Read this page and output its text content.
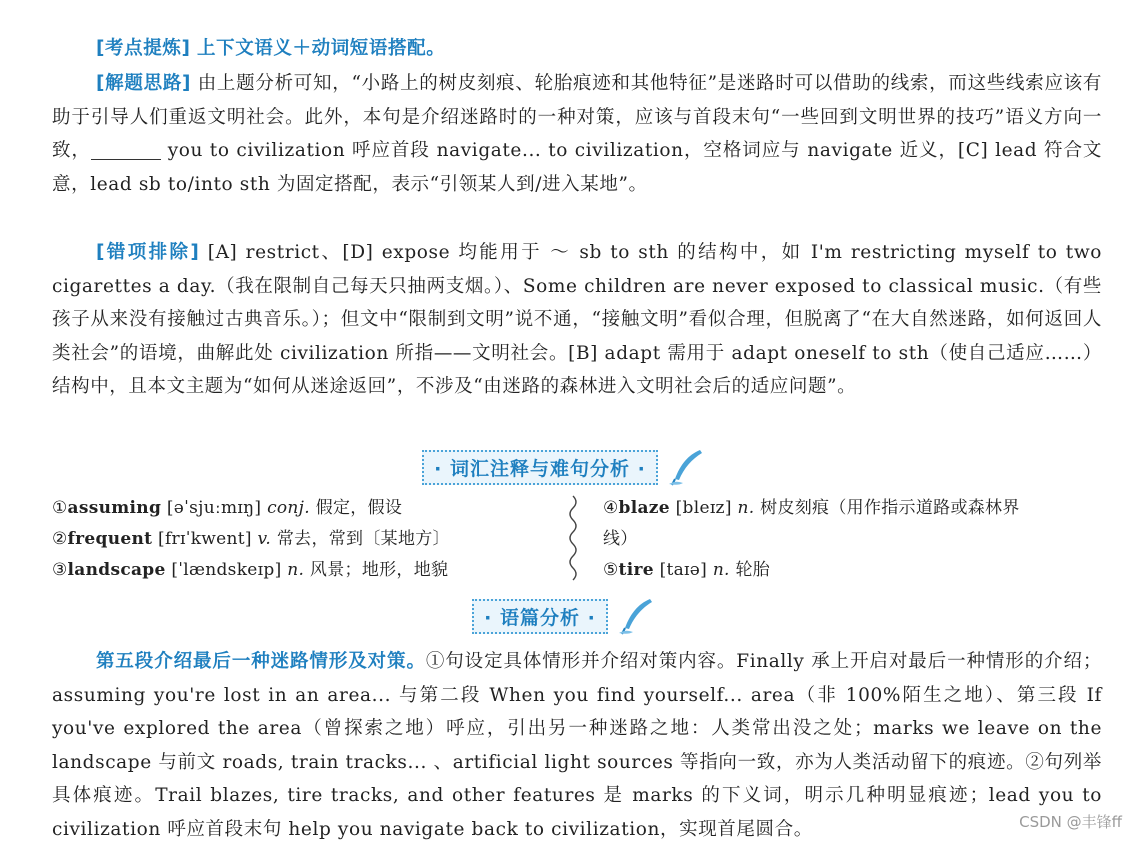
[考点提炼] 上下文语义＋动词短语搭配。
[解题思路] 由上题分析可知，“小路上的树皮刻痕、轮胎痕迹和其他特征”是迷路时可以借助的线索，而这些线索应该有助于引导人们重返文明社会。此外，本句是介绍迷路时的一种对策，应该与首段末句“一些回到文明世界的技巧”语义方向一致，	you to civilization 呼应首段 navigate... to civilization，空格词应与 navigate 近义，[C] lead 符合文意，lead sb to/into sth 为固定搭配，表示“引领某人到/进入某地”。
[错项排除] [A] restrict、[D] expose 均能用于 ～ sb to sth 的结构中，如 I'm restricting myself to two cigarettes a day.（我在限制自己每天只抽两支烟。）、Some children are never exposed to classical music.（有些孩子从来没有接触过古典音乐。）；但文中“限制到文明”说不通，“接触文明”看似合理，但脱离了“在大自然迷路，如何返回人类社会”的语境，曲解此处 civilization 所指——文明社会。[B] adapt 需用于 adapt oneself to sth（使自己适应……）结构中，且本文主题为“如何从迷途返回”，不涉及“由迷路的森林进入文明社会后的适应问题”。
· 词汇注释与难句分析 ·
①assuming [əˈsjuːmɪŋ] conj. 假定，假设
②frequent [frɪˈkwent] v. 常去，常到〔某地方〕
③landscape [ˈlændskeɪp] n. 风景；地形，地貌
④blaze [bleɪz] n. 树皮刻痕（用作指示道路或森林界
线）
⑤tire [taɪə] n. 轮胎
· 语篇分析 ·
第五段介绍最后一种迷路情形及对策。①句设定具体情形并介绍对策内容。Finally 承上开启对最后一种情形的介绍；assuming you're lost in an area... 与第二段 When you find yourself... area（非 100%陌生之地）、第三段 If you've explored the area（曾探索之地）呼应，引出另一种迷路之地：人类常出没之处；marks we leave on the landscape 与前文 roads, train tracks... 、artificial light sources 等指向一致，亦为人类活动留下的痕迹。②句列举具体痕迹。Trail blazes, tire tracks, and other features 是 marks 的下义词，明示几种明显痕迹；lead you to civilization 呼应首段末句 help you navigate back to civilization，实现首尾圆合。	CSDN @丰锋ff
